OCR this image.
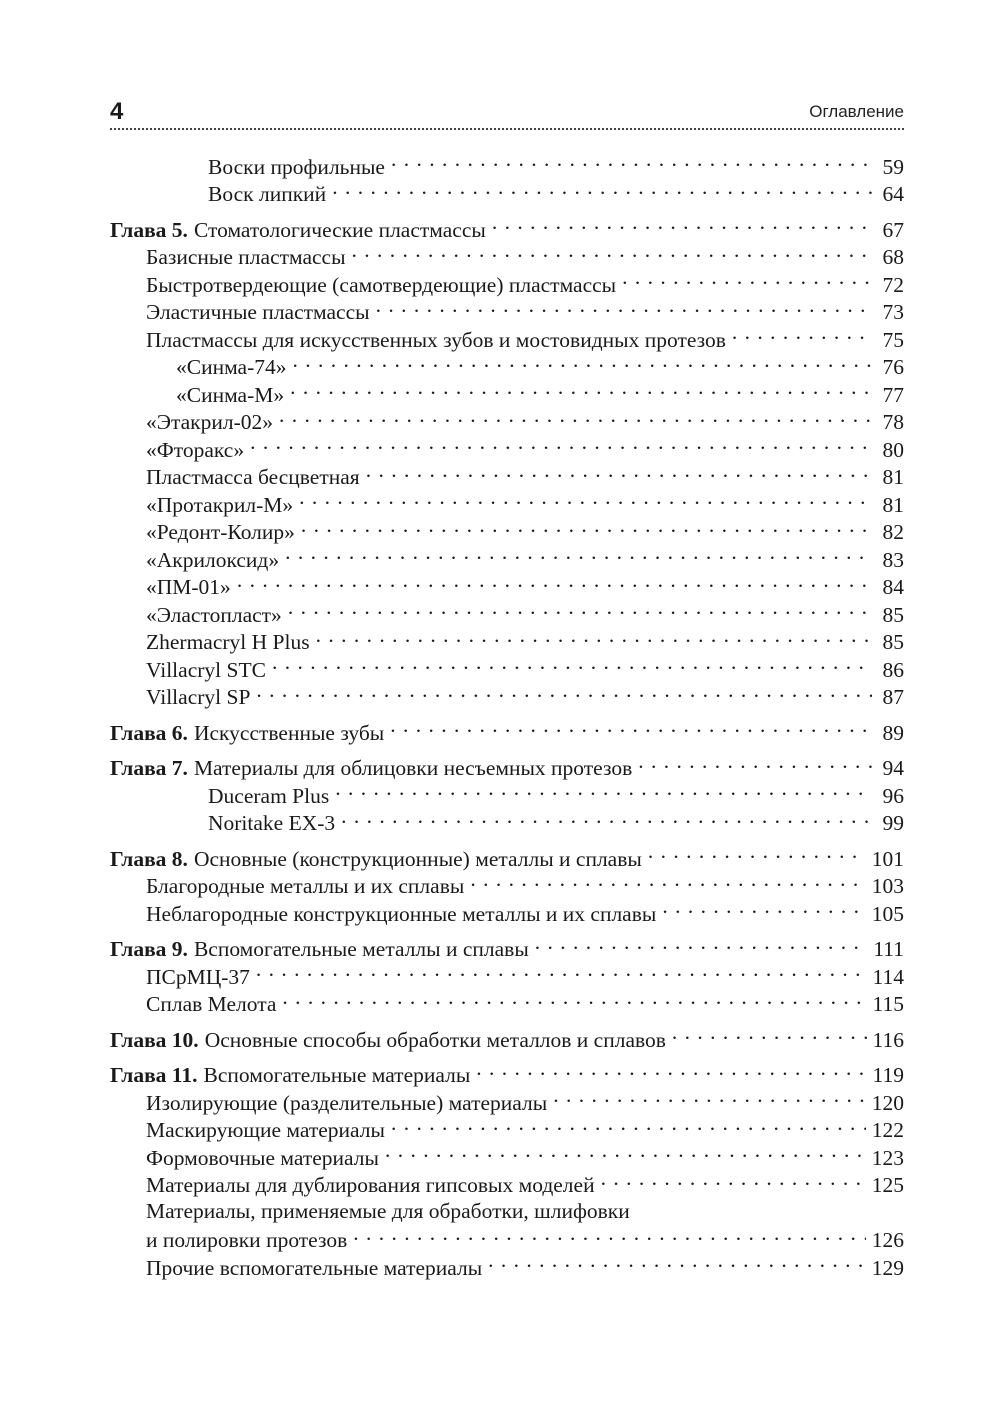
4	Оглавление
Воски профильные . . .	59
Воск липкий . . .	64
Глава 5. Стоматологические пластмассы . . .	67
Базисные пластмассы . . .	68
Быстротвердеющие (самотвердеющие) пластмассы . . .	72
Эластичные пластмассы . . .	73
Пластмассы для искусственных зубов и мостовидных протезов . . .	75
«Синма-74» . . .	76
«Синма-М» . . .	77
«Этакрил-02» . . .	78
«Фторакс» . . .	80
Пластмасса бесцветная . . .	81
«Протакрил-М» . . .	81
«Редонт-Колир» . . .	82
«Акрилоксид» . . .	83
«ПМ-01» . . .	84
«Эластопласт» . . .	85
Zhermacryl H Plus . . .	85
Villacryl STC . . .	86
Villacryl SP . . .	87
Глава 6. Искусственные зубы . . .	89
Глава 7. Материалы для облицовки несъемных протезов . . .	94
Duceram Plus . . .	96
Noritake EX-3 . . .	99
Глава 8. Основные (конструкционные) металлы и сплавы . . .	101
Благородные металлы и их сплавы . . .	103
Неблагородные конструкционные металлы и их сплавы . . .	105
Глава 9. Вспомогательные металлы и сплавы . . .	111
ПСрМЦ-37 . . .	114
Сплав Мелота . . .	115
Глава 10. Основные способы обработки металлов и сплавов . . .	116
Глава 11. Вспомогательные материалы . . .	119
Изолирующие (разделительные) материалы . . .	120
Маскирующие материалы . . .	122
Формовочные материалы . . .	123
Материалы для дублирования гипсовых моделей . . .	125
Материалы, применяемые для обработки, шлифовки
и полировки протезов . . .	126
Прочие вспомогательные материалы . . .	129
